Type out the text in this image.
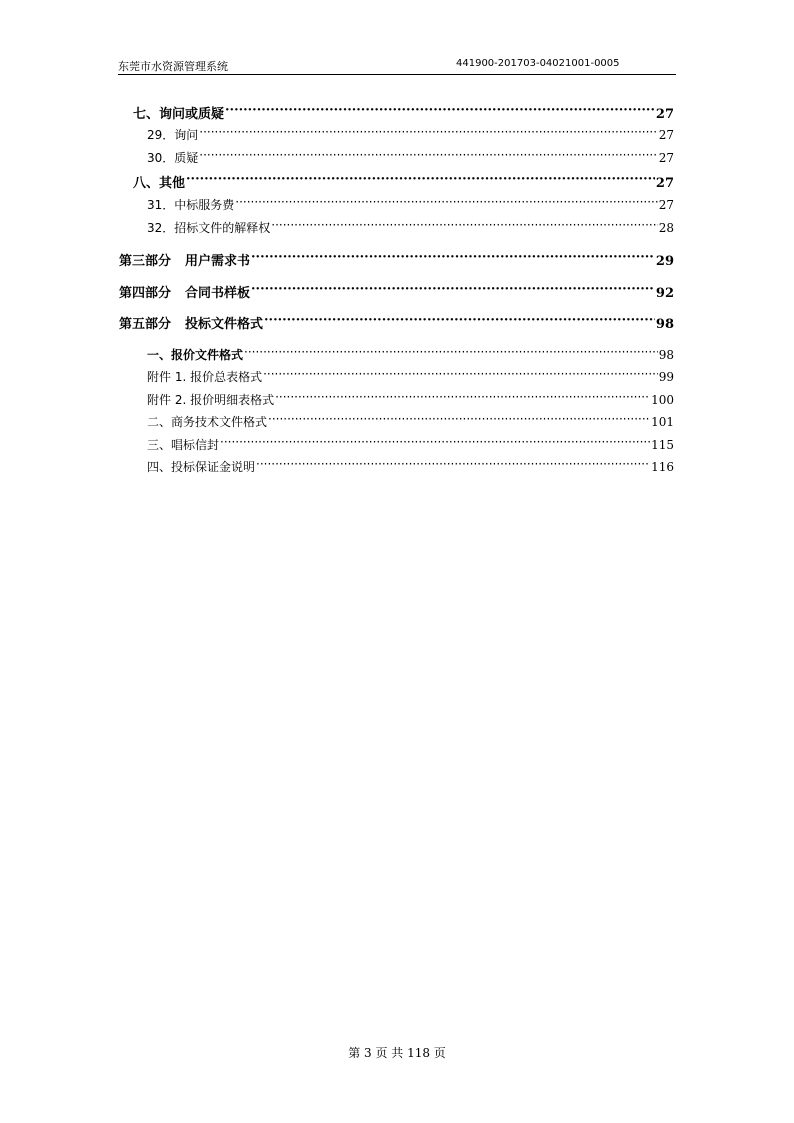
东莞市水资源管理系统	441900-201703-04021001-0005
七、询问或质疑 ·····	27
29．询问 ·····	27
30．质疑 ·····	27
八、其他 ·····	27
31．中标服务费 ·····	27
32．招标文件的解释权 ·····	28
第三部分 用户需求书 ·····	29
第四部分 合同书样板 ·····	92
第五部分 投标文件格式 ·····	98
一、报价文件格式 ·····	98
附件 1. 报价总表格式 ·····	99
附件 2. 报价明细表格式 ·····	100
二、商务技术文件格式 ·····	101
三、唱标信封 ·····	115
四、投标保证金说明 ·····	116
第 3 页 共 118 页
